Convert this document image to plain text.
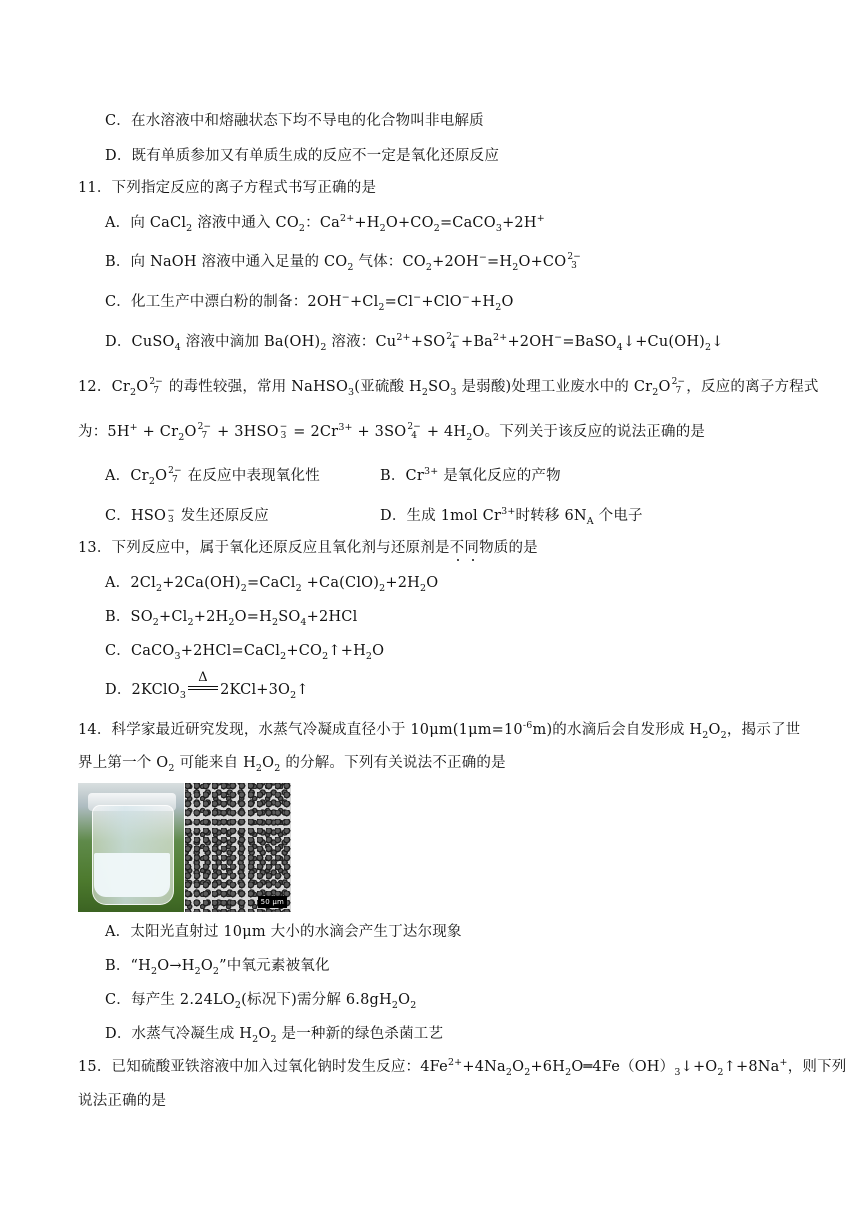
C．在水溶液中和熔融状态下均不导电的化合物叫非电解质
D．既有单质参加又有单质生成的反应不一定是氧化还原反应
11．下列指定反应的离子方程式书写正确的是
A．向 CaCl$_2$ 溶液中通入 $CO_2$：$Ca^{2+}+H_2O+CO_2=CaCO_3+2H^+$
B．向 NaOH 溶液中通入足量的 $CO_2$ 气体：$CO_2+2OH^-=H_2O+CO$ 2−
3
C．化工生产中漂白粉的制备：$2OH^-+Cl_2=Cl^-+ClO^-+H_2O$
D．CuSO$_4$ 溶液中滴加 $Ba(OH)_2$ 溶液：$Cu^{2+}+SO$ 2−
$4 +Ba^{2+}+2OH^-=BaSO_4↓+Cu(OH)_2↓$
12．$Cr_2O$ 2−
7 的毒性较强，常用 NaHSO$_3$(亚硫酸 $H_2SO_3$ 是弱酸)处理工业废水中的 $Cr_2O$ 2−
7 ，反应的离子方程式
为：$5H^+ + Cr_2O$ 2−
7 + 3HSO −
$3 = 2Cr^{3+} + 3SO$ 2−
$4 + 4H_2O$。下列关于该反应的说法正确的是
A．$Cr_2O$ 2−
7 在反应中表现氧化性	B．$Cr^{3+}$ 是氧化反应的产物
C．HSO −
3 发生还原反应	D．生成 1mol $Cr^{3+}$时转移 $6N_A$ 个电子
13．下列反应中，属于氧化还原反应且氧化剂与还原剂是不同物质的是
A．$2Cl_2+2Ca(OH)_2=CaCl_2 +Ca(ClO)_2+2H_2O$
B．$SO_2+Cl_2+2H_2O=H_2SO_4+2HCl$
C．$CaCO_3+2HCl=CaCl_2+CO_2↑+H_2O$
D．2KClO$_3$
Δ
$2KCl+3O_2↑$
14．科学家最近研究发现，水蒸气冷凝成直径小于 $10\mu m(1\mu m=10^{-6}m)$的水滴后会自发形成 $H_2O_2$，揭示了世
界上第一个 $O_2$ 可能来自 $H_2O_2$ 的分解。下列有关说法不正确的是
50 μm
A．太阳光直射过 10μm 大小的水滴会产生丁达尔现象
B．“$H_2O\to H_2O_2$”中氧元素被氧化
C．每产生 $2.24LO_2$(标况下)需分解 $6.8gH_2O_2$
D．水蒸气冷凝生成 $H_2O_2$ 是一种新的绿色杀菌工艺
15．已知硫酸亚铁溶液中加入过氧化钠时发生反应：$4Fe^{2+}+4Na_2O_2+6H_2O═4Fe(OH)_3↓+O_2↑+8Na^+$，则下列
说法正确的是
